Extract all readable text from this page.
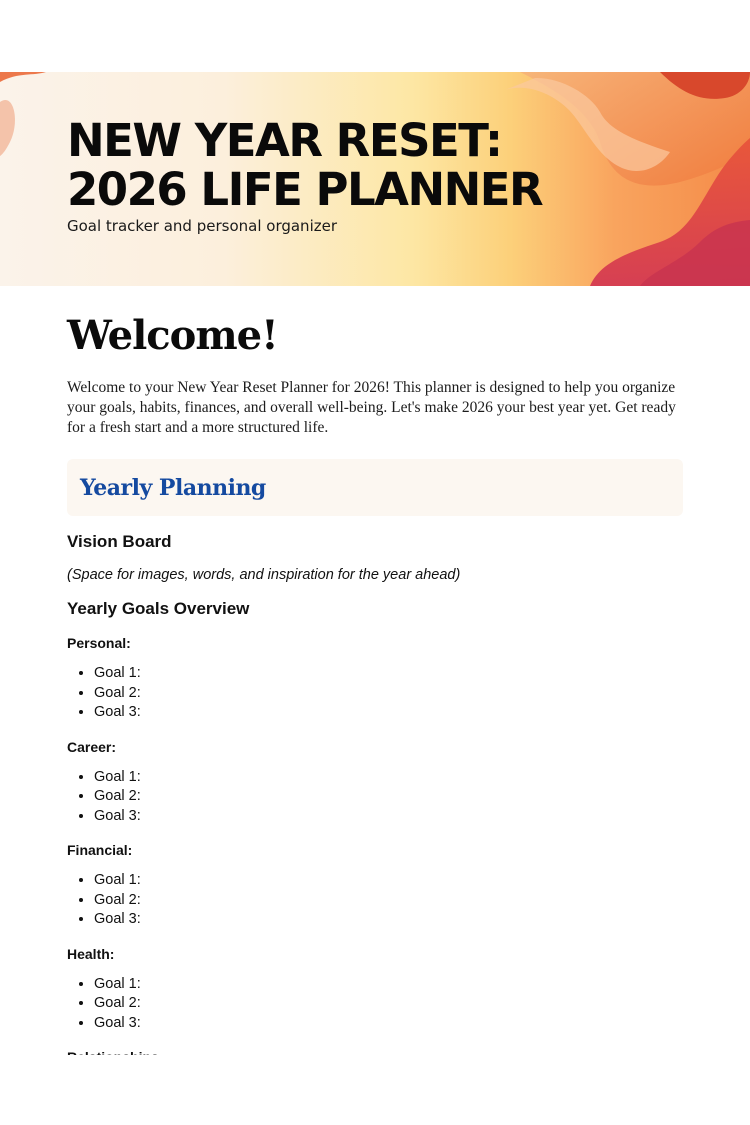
NEW YEAR RESET: 2026 LIFE PLANNER

Goal tracker and personal organizer

Welcome!

Welcome to your New Year Reset Planner for 2026! This planner is designed to help you organize your goals, habits, finances, and overall well-being. Let's make 2026 your best year yet. Get ready for a fresh start and a more structured life.

Yearly Planning
Vision Board

(Space for images, words, and inspiration for the year ahead)

Yearly Goals Overview

Personal:

• Goal 1:
• Goal 2:
• Goal 3:

Career:

• Goal 1:
• Goal 2:
• Goal 3:

Financial:

• Goal 1:
• Goal 2:
• Goal 3:

Health:

• Goal 1:
• Goal 2:
• Goal 3:
